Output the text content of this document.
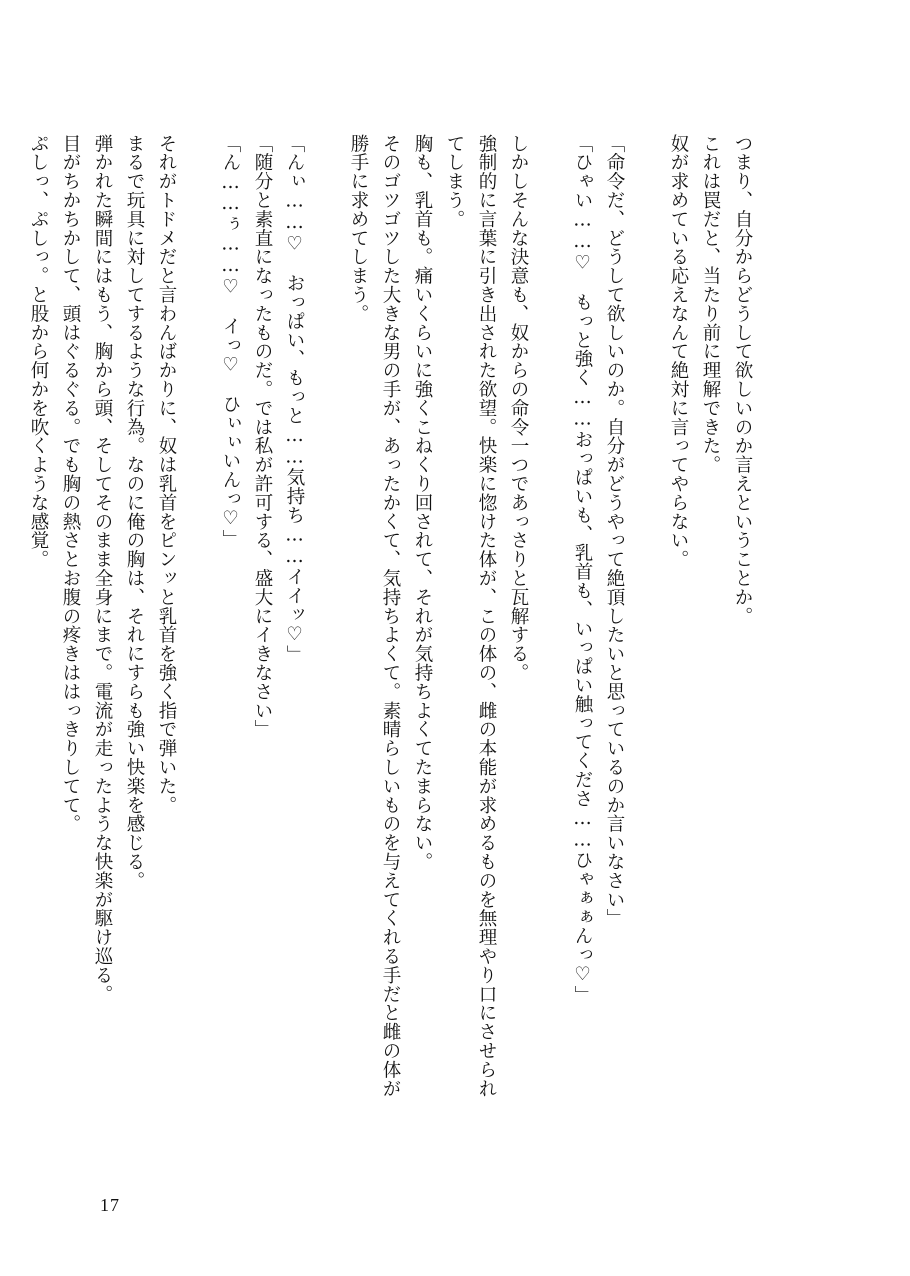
つまり、自分からどうして欲しいのか言えということか。
これは罠だと、当たり前に理解できた。
奴が求めている応えなんて絶対に言ってやらない。
「命令だ、どうして欲しいのか。自分がどうやって絶頂したいと思っているのか言いなさい」
「ひゃい……♡　もっと強く……おっぱいも、乳首も、いっぱい触ってくださ……ひゃぁぁんっ♡」
しかしそんな決意も、奴からの命令一つであっさりと瓦解する。
強制的に言葉に引き出された欲望。快楽に惚けた体が、この体の、雌の本能が求めるものを無理やり口にさせられ
てしまう。
胸も、乳首も。痛いくらいに強くこねくり回されて、それが気持ちよくてたまらない。
そのゴツゴツした大きな男の手が、あったかくて、気持ちよくて。素晴らしいものを与えてくれる手だと雌の体が
勝手に求めてしまう。
「んぃ……♡　おっぱい、もっと……気持ち……イイッ♡」
「随分と素直になったものだ。では私が許可する、盛大にイきなさい」
「ん……ぅ……♡　イっ♡　ひぃぃいんっ♡」
それがトドメだと言わんばかりに、奴は乳首をピンッと乳首を強く指で弾いた。
まるで玩具に対してするような行為。なのに俺の胸は、それにすらも強い快楽を感じる。
弾かれた瞬間にはもう、胸から頭、そしてそのまま全身にまで。電流が走ったような快楽が駆け巡る。
目がちかちかして、頭はぐるぐる。でも胸の熱さとお腹の疼きははっきりしてて。
ぷしっ、ぷしっ。と股から何かを吹くような感覚。
17
